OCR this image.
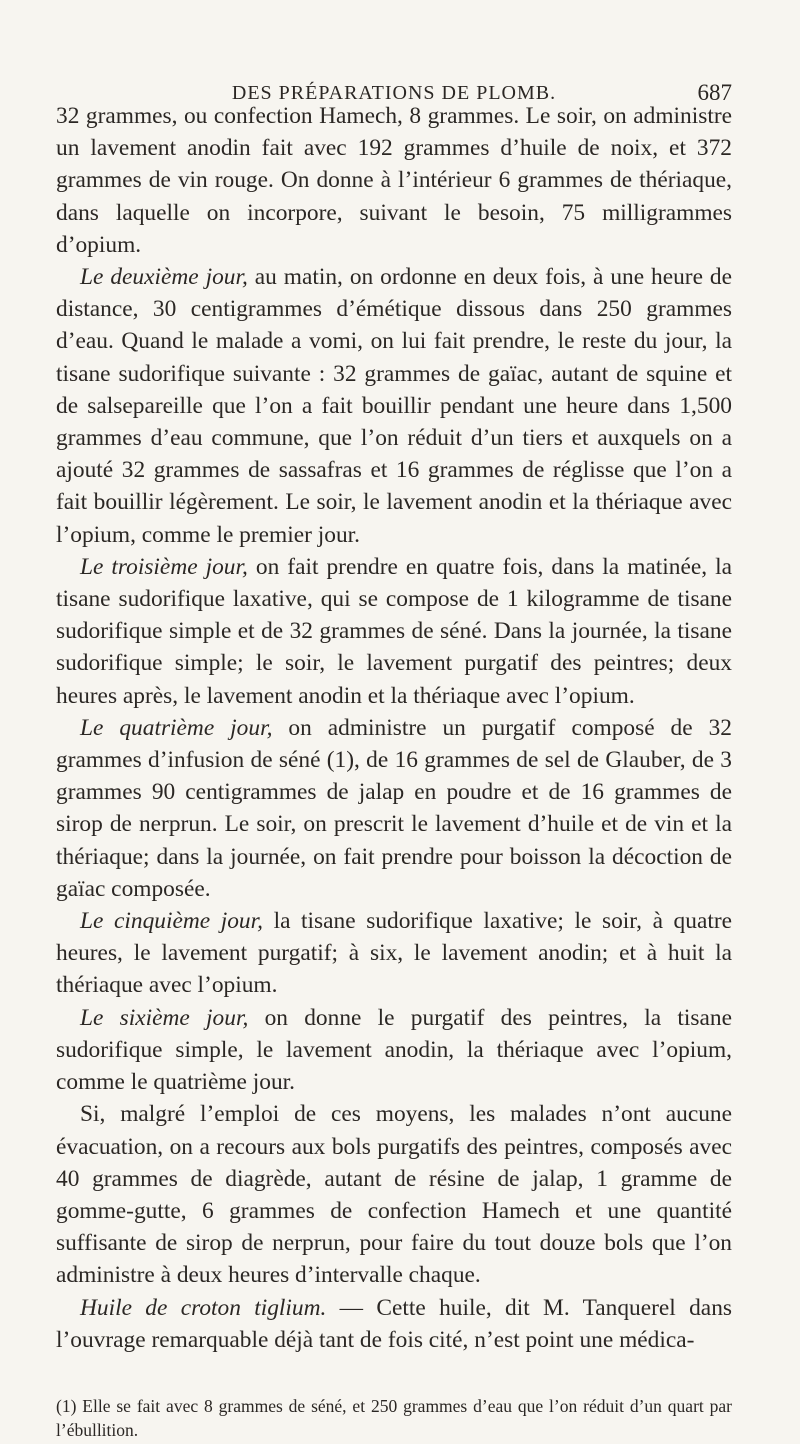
DES PRÉPARATIONS DE PLOMB.	687

32 grammes, ou confection Hamech, 8 grammes. Le soir, on administre un lavement anodin fait avec 192 grammes d’huile de noix, et 372 grammes de vin rouge. On donne à l’intérieur 6 grammes de thériaque, dans laquelle on incorpore, suivant le besoin, 75 milligrammes d’opium.

Le deuxième jour, au matin, on ordonne en deux fois, à une heure de distance, 30 centigrammes d’émétique dissous dans 250 grammes d’eau. Quand le malade a vomi, on lui fait prendre, le reste du jour, la tisane sudorifique suivante : 32 grammes de gaïac, autant de squine et de salsepareille que l’on a fait bouillir pendant une heure dans 1,500 grammes d’eau commune, que l’on réduit d’un tiers et auxquels on a ajouté 32 grammes de sassafras et 16 grammes de réglisse que l’on a fait bouillir légèrement. Le soir, le lavement anodin et la thériaque avec l’opium, comme le premier jour.

Le troisième jour, on fait prendre en quatre fois, dans la matinée, la tisane sudorifique laxative, qui se compose de 1 kilogramme de tisane sudorifique simple et de 32 grammes de séné. Dans la journée, la tisane sudorifique simple; le soir, le lavement purgatif des peintres; deux heures après, le lavement anodin et la thériaque avec l’opium.

Le quatrième jour, on administre un purgatif composé de 32 grammes d’infusion de séné (1), de 16 grammes de sel de Glauber, de 3 grammes 90 centigrammes de jalap en poudre et de 16 grammes de sirop de nerprun. Le soir, on prescrit le lavement d’huile et de vin et la thériaque; dans la journée, on fait prendre pour boisson la décoction de gaïac composée.

Le cinquième jour, la tisane sudorifique laxative; le soir, à quatre heures, le lavement purgatif; à six, le lavement anodin; et à huit la thériaque avec l’opium.

Le sixième jour, on donne le purgatif des peintres, la tisane sudorifique simple, le lavement anodin, la thériaque avec l’opium, comme le quatrième jour.

Si, malgré l’emploi de ces moyens, les malades n’ont aucune évacuation, on a recours aux bols purgatifs des peintres, composés avec 40 grammes de diagrède, autant de résine de jalap, 1 gramme de gomme-gutte, 6 grammes de confection Hamech et une quantité suffisante de sirop de nerprun, pour faire du tout douze bols que l’on administre à deux heures d’intervalle chaque.

Huile de croton tiglium. — Cette huile, dit M. Tanquerel dans l’ouvrage remarquable déjà tant de fois cité, n’est point une médica-

(1) Elle se fait avec 8 grammes de séné, et 250 grammes d’eau que l’on réduit d’un quart par l’ébullition.
